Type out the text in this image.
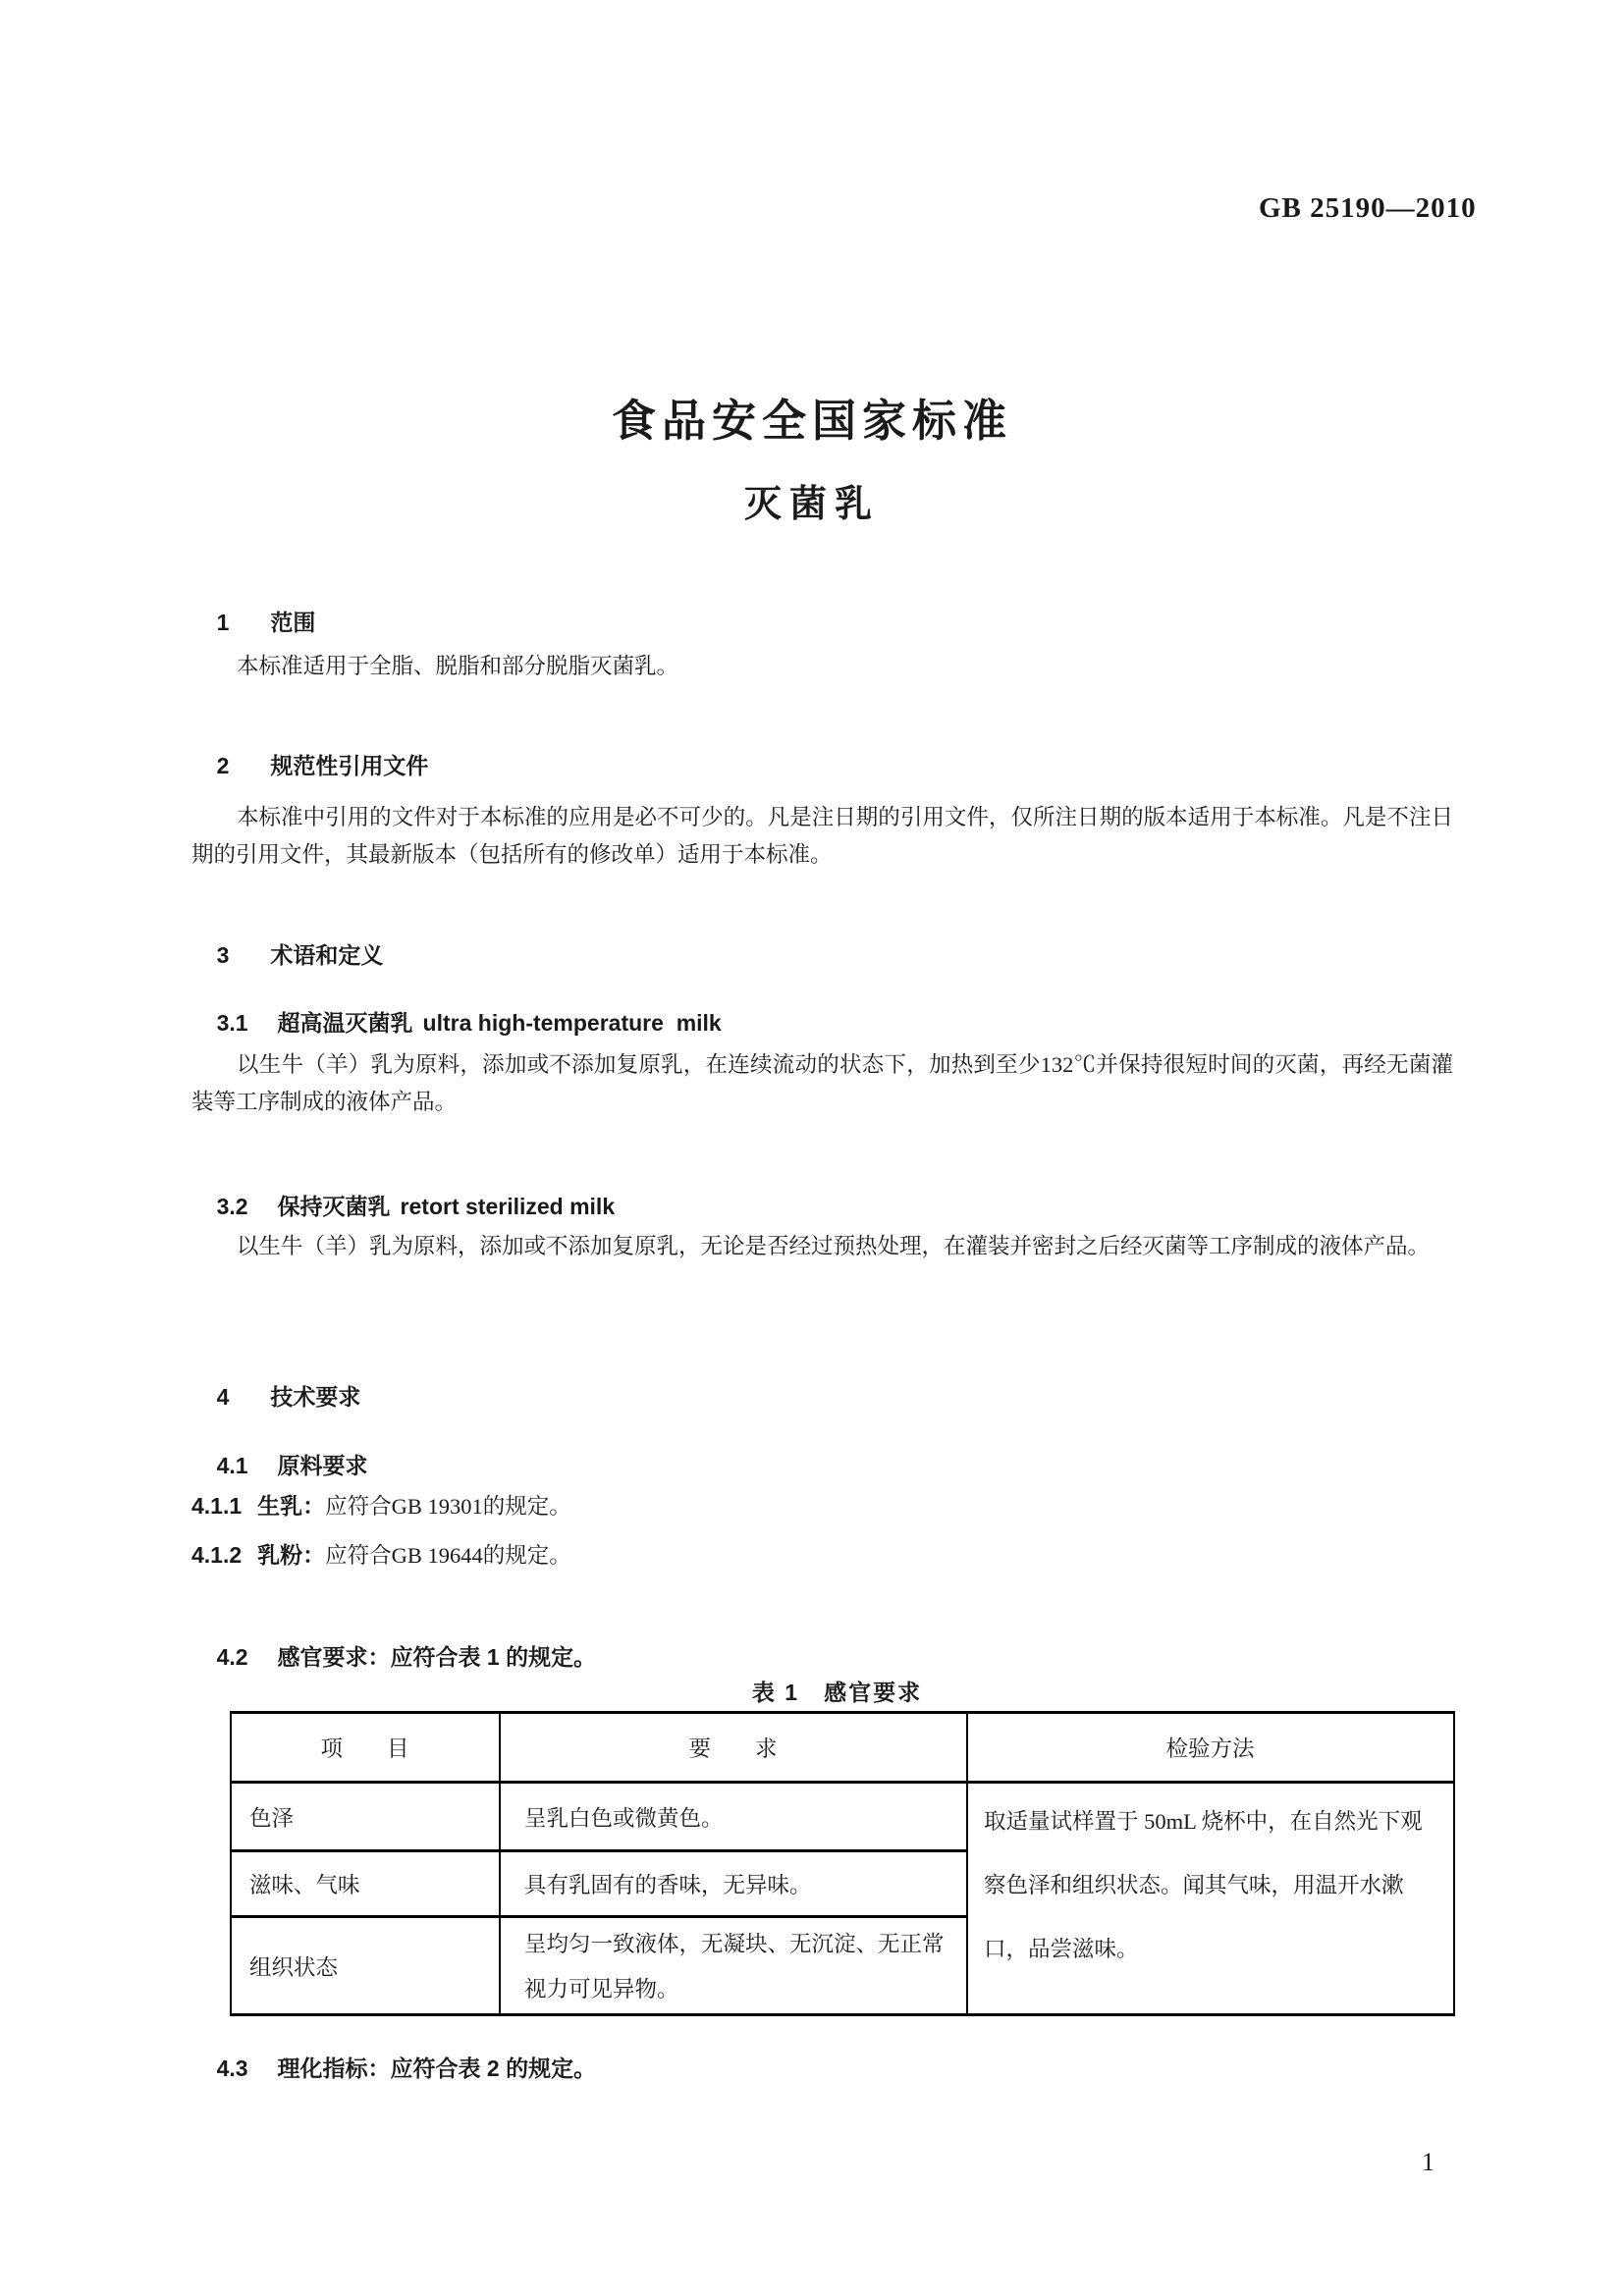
GB 25190—2010
食品安全国家标准
灭菌乳

1 范围

本标准适用于全脂、脱脂和部分脱脂灭菌乳。

2 规范性引用文件

本标准中引用的文件对于本标准的应用是必不可少的。凡是注日期的引用文件，仅所注日期的版本适用于本标准。凡是不注日期的引用文件，其最新版本（包括所有的修改单）适用于本标准。

3 术语和定义

3.1 超高温灭菌乳 ultra high-temperature  milk

以生牛（羊）乳为原料，添加或不添加复原乳，在连续流动的状态下，加热到至少132℃并保持很短时间的灭菌，再经无菌灌装等工序制成的液体产品。

3.2 保持灭菌乳 retort sterilized milk

以生牛（羊）乳为原料，添加或不添加复原乳，无论是否经过预热处理，在灌装并密封之后经灭菌等工序制成的液体产品。

4 技术要求

4.1 原料要求

4.1.1 生乳：应符合GB 19301的规定。
4.1.2 乳粉：应符合GB 19644的规定。

4.2 感官要求：应符合表 1 的规定。

表 1　感官要求
项　　目	要　　求	检验方法
色泽	呈乳白色或微黄色。	取适量试样置于 50mL 烧杯中，在自然光下观察色泽和组织状态。闻其气味，用温开水漱口，品尝滋味。
滋味、气味	具有乳固有的香味，无异味。	
组织状态	呈均匀一致液体，无凝块、无沉淀、无正常视力可见异物。	

4.3 理化指标：应符合表 2 的规定。

1
